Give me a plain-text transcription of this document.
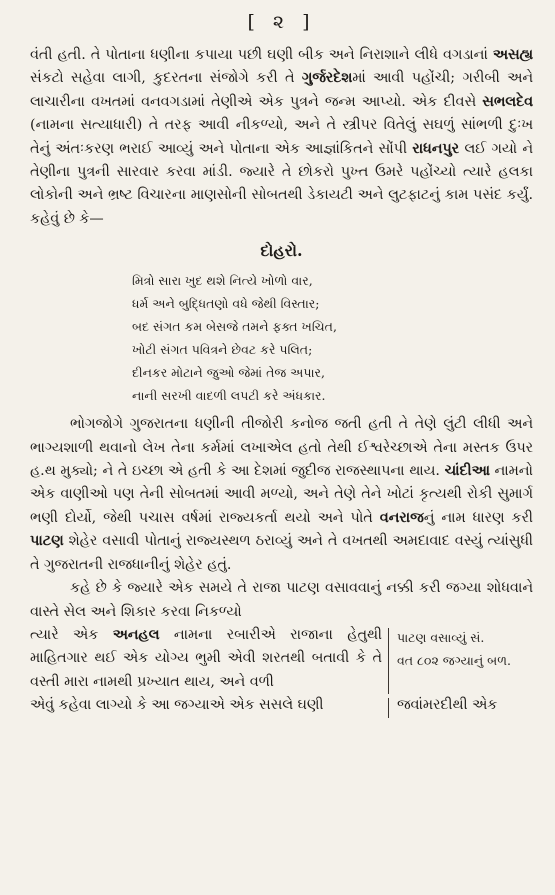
[ ૨ ]

વંતી હતી. તે પોતાના ધણીના કપાયા પછી ઘણી બીક અને નિરાશાને લીધે વગડાનાં અસહ્ય સંકટો સહેવા લાગી, કુદરતના સંજોગે કરી તે ગુર્જરદેશમાં આવી પહોંચી; ગરીબી અને લાચારીના વખતમાં વનવગડામાં તેણીએ એક પુત્રને જન્મ આપ્યો. એક દીવસે સભલદેવ (નામના સત્યાધારી) તે તરફ આવી નીકળ્યો, અને તે સ્ત્રીપર વિતેલું સઘળું સાંભળી દુઃખ તેનું અંતઃકરણ ભરાઈ આવ્યું અને પોતાના એક આજ્ઞાંકિતને સોંપી રાધનપુર લઈ ગયો ને તેણીના પુત્રની સારવાર કરવા માંડી. જ્યારે તે છોકરો પુખ્ત ઉમરે પહોંચ્યો ત્યારે હલકા લોકોની અને ભ્રષ્ટ વિચારના માણસોની સોબતથી ડેકાયટી અને લુટફાટનું કામ પસંદ કર્યું. કહેવું છે કે—

દોહરો.
મિત્રો સારા ખુદ થશે નિત્યે ખોળો વાર,
ધર્મ અને બુદ્ધિતણો વધે જેથી વિસ્તાર;
બદ સંગત કમ બેસજે તમને ફક્ત ખચિત,
ખોટી સંગત પવિત્રને છેવટ કરે પલિત;
દીનકર મોટાને જુઓ જેમાં તેજ અપાર,
નાની સરખી વાદળી લપટી કરે અંધકાર.

ભોગજોગે ગુજરાતના ધણીની તીજોરી કનોજ જતી હતી તે તેણે લુંટી લીધી અને ભાગ્યશાળી થવાનો લેખ તેના કર્મમાં લખાએલ હતો તેથી ઈશ્વરેચ્છાએ તેના મસ્તક ઉપર હ.થ મુક્યો; ને તે ઇચ્છા એ હતી કે આ દેશમાં જુદીજ રાજસ્થાપના થાય. ચાંદીઆ નામનો એક વાણીઓ પણ તેની સોબતમાં આવી મળ્યો, અને તેણે તેને ખોટાં કૃત્યથી રોકી સુમાર્ગ ભણી દોર્યો, જેથી પચાસ વર્ષમાં રાજ્યકર્તા થયો અને પોતે વનરાજનું નામ ધારણ કરી પાટણ શેહેર વસાવી પોતાનું રાજ્યસ્થળ ઠરાવ્યું અને તે વખતથી અમદાવાદ વસ્યું ત્યાંસુધી તે ગુજરાતની રાજધાનીનું શેહેર હતું.

કહે છે કે જ્યારે એક સમયે તે રાજા પાટણ વસાવવાનું નક્કી કરી જગ્યા શોધવાને વાસ્તે સેલ અને શિકાર કરવા નિકળ્યો

ત્યારે એક અનહલ નામના રબારીએ રાજાના હેતુથી માહિતગાર થઈ એક યોગ્ય ભુમી એવી શરતથી બતાવી કે તે વસ્તી મારા નામથી પ્રખ્યાત થાય, અને વળી

પાટણ વસાવ્યું સં.
વત ૮૦૨ જગ્યાનું બળ.
એવું કહેવા લાગ્યો કે આ જગ્યાએ એક સસલે ઘણી	જવાંમરદીથી એક
